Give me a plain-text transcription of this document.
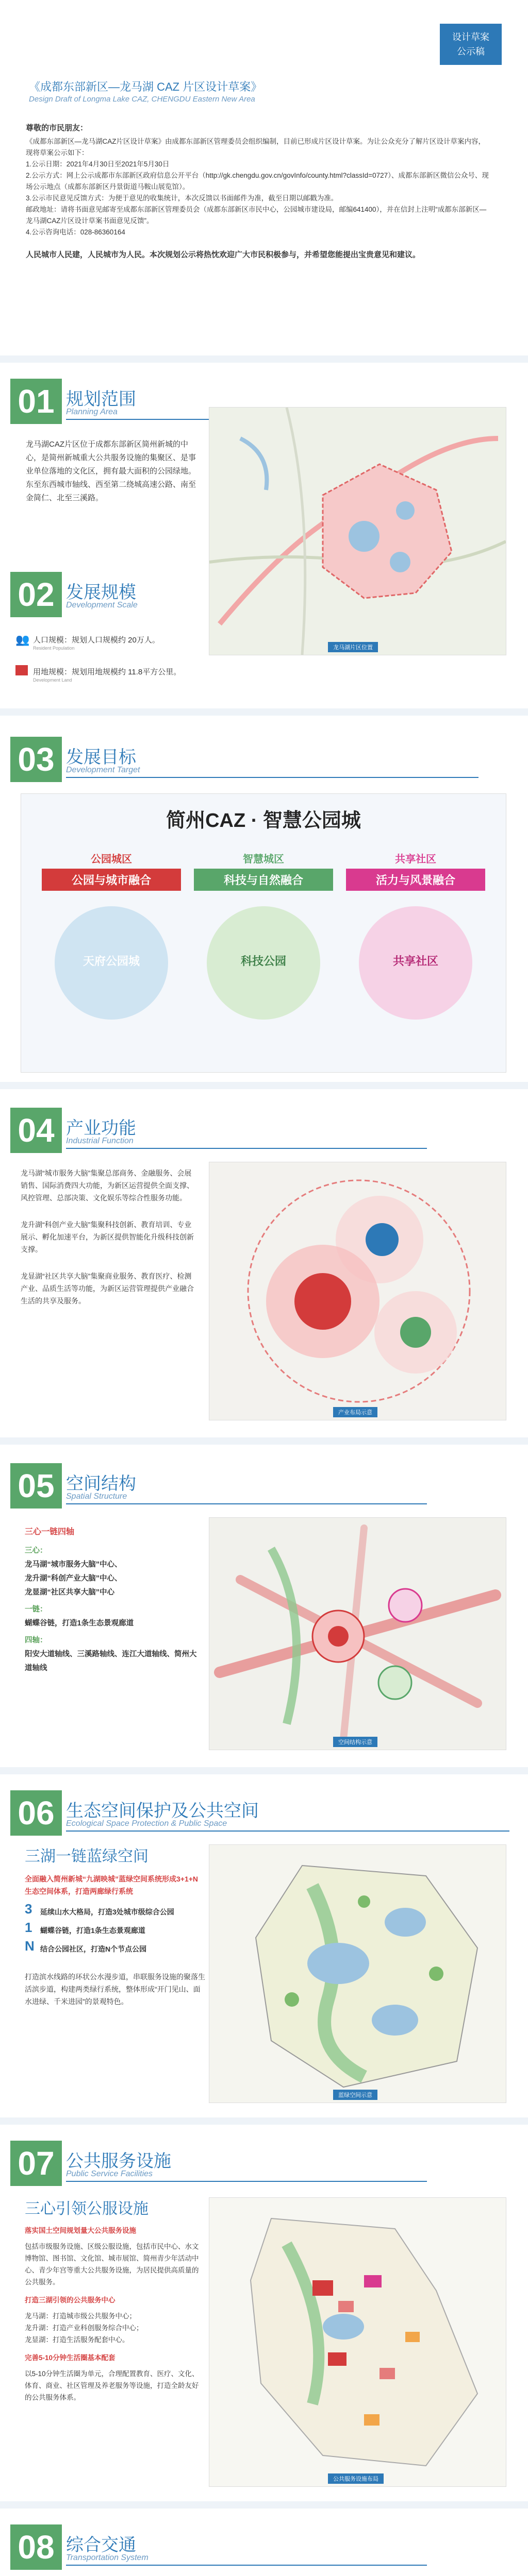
设计草案
公示稿
《成都东部新区—龙马湖 CAZ 片区设计草案》
Design Draft of Longma Lake CAZ, CHENGDU Eastern New Area

尊敬的市民朋友：

《成都东部新区—龙马湖CAZ片区设计草案》由成都东部新区管理委员会组织编制，目前已形成片区设计草案。为让公众充分了解片区设计草案内容，现将草案公示如下：

1.公示日期：2021年4月30日至2021年5月30日

2.公示方式：网上公示成都市东部新区政府信息公开平台（http://gk.chengdu.gov.cn/govInfo/county.html?classId=0727）、成都东部新区微信公众号、现场公示地点（成都东部新区丹景街道马鞍山展览馆）。

3.公示市民意见反馈方式：为便于意见的收集统计，本次反馈以书面邮件为准，截至日期以邮戳为准。

邮政地址：请将书面意见邮寄至成都东部新区管理委员会（成都东部新区市民中心，公园城市建设局，邮编641400），并在信封上注明“成都东部新区—龙马湖CAZ片区设计草案书面意见反馈”。

4.公示咨询电话：028-86360164

人民城市人民建，人民城市为人民。本次规划公示将热忱欢迎广大市民积极参与，并希望您能提出宝贵意见和建议。

01 规划范围
Planning Area

龙马湖CAZ片区位于成都东部新区简州新城的中心，是简州新城重大公共服务设施的集聚区、是事业单位落地的文化区，拥有最大面积的公园绿地。东至东西城市轴线、西至第二绕城高速公路、南至金简仁、北至三溪路。

龙马湖片区位置
02 发展规模
Development Scale
👥 人口规模：规划人口规模约 20万人。
Resident Population
用地规模：规划用地规模约 11.8平方公里。
Development Land
03 发展目标
Development Target
简州CAZ · 智慧公园城
公园城区
公园与城市融合
天府公园城
智慧城区
科技与自然融合
科技公园
共享社区
活力与风景融合
共享社区
04 产业功能
Industrial Function

龙马湖“城市服务大脑”集聚总部商务、金融服务、会展销售、国际消费四大功能，为新区运营提供全面支撑、风控管理、总部决策、文化娱乐等综合性服务功能。

龙升湖“科创产业大脑”集聚科技创新、教育培训、专业展示、孵化加速平台，为新区提供智能化升级科技创新支撑。

龙显湖“社区共享大脑”集聚商业服务、教育医疗、检测产业、品质生活等功能，为新区运营管理提供产业融合生活的共享及服务。

产业布局示意
05 空间结构
Spatial Structure
三心一链四轴
三心：
龙马湖“城市服务大脑”中心、
龙升湖“科创产业大脑”中心、
龙显湖“社区共享大脑”中心
一链：
蝴蝶谷链，打造1条生态景观廊道
四轴：
阳安大道轴线、三溪路轴线、连江大道轴线、简州大道轴线
空间结构示意
06 生态空间保护及公共空间
Ecological Space Protection & Public Space
三湖一链蓝绿空间

全面融入简州新城“九湖映城”蓝绿空间系统形成3+1+N生态空间体系，打造两廊绿行系统

3 延续山水大格局，打造3处城市级综合公园
1 蝴蝶谷链，打造1条生态景观廊道
N 结合公园社区，打造N个节点公园

打造滨水线路的环状公水漫步道，串联服务设施的聚落生活滨步道，构建两类绿行系统，整体形成“开门见山、面水进绿、千米进园”的景观特色。

蓝绿空间示意
07 公共服务设施
Public Service Facilities
三心引领公服设施

落实国土空间规划量大公共服务设施

包括市级服务设施、区级公服设施，包括市民中心、水文博物馆、图书馆、文化馆、城市展馆、简州青少年活动中心、青少年宫等重大公共服务设施，为居民提供高质量的公共服务。

打造三湖引领的公共服务中心

龙马湖：打造城市级公共服务中心；

龙升湖：打造产业科创服务综合中心；

龙显湖：打造生活服务配套中心。

完善5-10分钟生活圈基本配套

以5-10分钟生活圈为单元，合理配置教育、医疗、文化、体育、商业、社区管理及养老服务等设施，打造全龄友好的公共服务体系。

公共服务设施布局
08 综合交通
Transportation System
